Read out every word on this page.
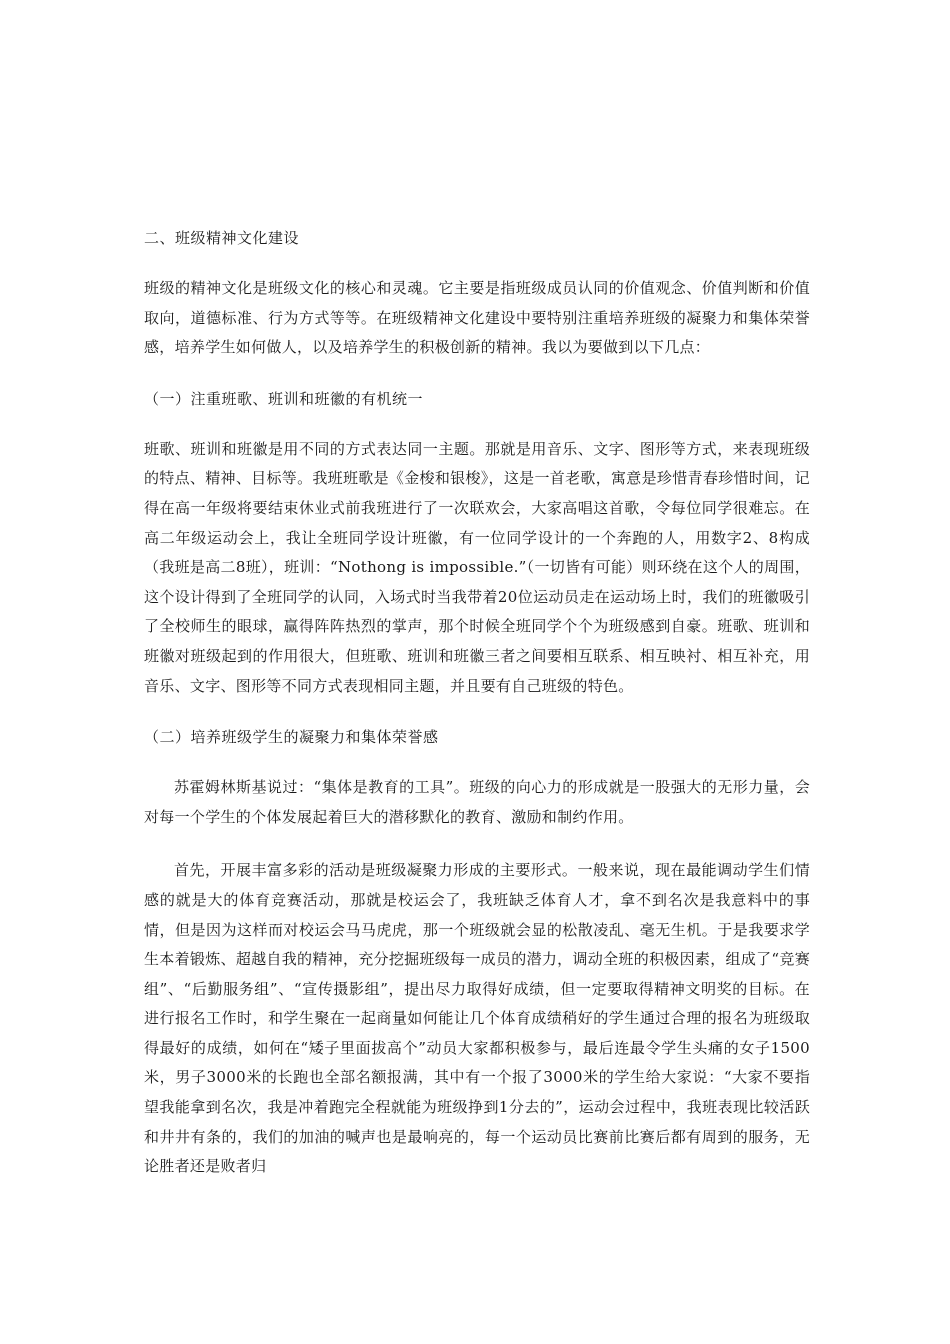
二、班级精神文化建设

班级的精神文化是班级文化的核心和灵魂。它主要是指班级成员认同的价值观念、价值判断和价值取向，道德标准、行为方式等等。在班级精神文化建设中要特别注重培养班级的凝聚力和集体荣誉感，培养学生如何做人，以及培养学生的积极创新的精神。我以为要做到以下几点：

（一）注重班歌、班训和班徽的有机统一

班歌、班训和班徽是用不同的方式表达同一主题。那就是用音乐、文字、图形等方式，来表现班级的特点、精神、目标等。我班班歌是《金梭和银梭》，这是一首老歌，寓意是珍惜青春珍惜时间，记得在高一年级将要结束休业式前我班进行了一次联欢会，大家高唱这首歌，令每位同学很难忘。在高二年级运动会上，我让全班同学设计班徽，有一位同学设计的一个奔跑的人，用数字2、8构成（我班是高二8班），班训：“Nothong is impossible.”（一切皆有可能）则环绕在这个人的周围，这个设计得到了全班同学的认同，入场式时当我带着20位运动员走在运动场上时，我们的班徽吸引了全校师生的眼球，赢得阵阵热烈的掌声，那个时候全班同学个个为班级感到自豪。班歌、班训和班徽对班级起到的作用很大，但班歌、班训和班徽三者之间要相互联系、相互映衬、相互补充，用音乐、文字、图形等不同方式表现相同主题，并且要有自己班级的特色。

（二）培养班级学生的凝聚力和集体荣誉感

苏霍姆林斯基说过：“集体是教育的工具”。班级的向心力的形成就是一股强大的无形力量，会对每一个学生的个体发展起着巨大的潜移默化的教育、激励和制约作用。

首先，开展丰富多彩的活动是班级凝聚力形成的主要形式。一般来说，现在最能调动学生们情感的就是大的体育竞赛活动，那就是校运会了，我班缺乏体育人才，拿不到名次是我意料中的事情，但是因为这样而对校运会马马虎虎，那一个班级就会显的松散凌乱、毫无生机。于是我要求学生本着锻炼、超越自我的精神，充分挖掘班级每一成员的潜力，调动全班的积极因素，组成了“竞赛组”、“后勤服务组”、“宣传摄影组”，提出尽力取得好成绩，但一定要取得精神文明奖的目标。在进行报名工作时，和学生聚在一起商量如何能让几个体育成绩稍好的学生通过合理的报名为班级取得最好的成绩，如何在“矮子里面拔高个”动员大家都积极参与，最后连最令学生头痛的女子1500米，男子3000米的长跑也全部名额报满，其中有一个报了3000米的学生给大家说：“大家不要指望我能拿到名次，我是冲着跑完全程就能为班级挣到1分去的”，运动会过程中，我班表现比较活跃和井井有条的，我们的加油的喊声也是最响亮的，每一个运动员比赛前比赛后都有周到的服务，无论胜者还是败者归
